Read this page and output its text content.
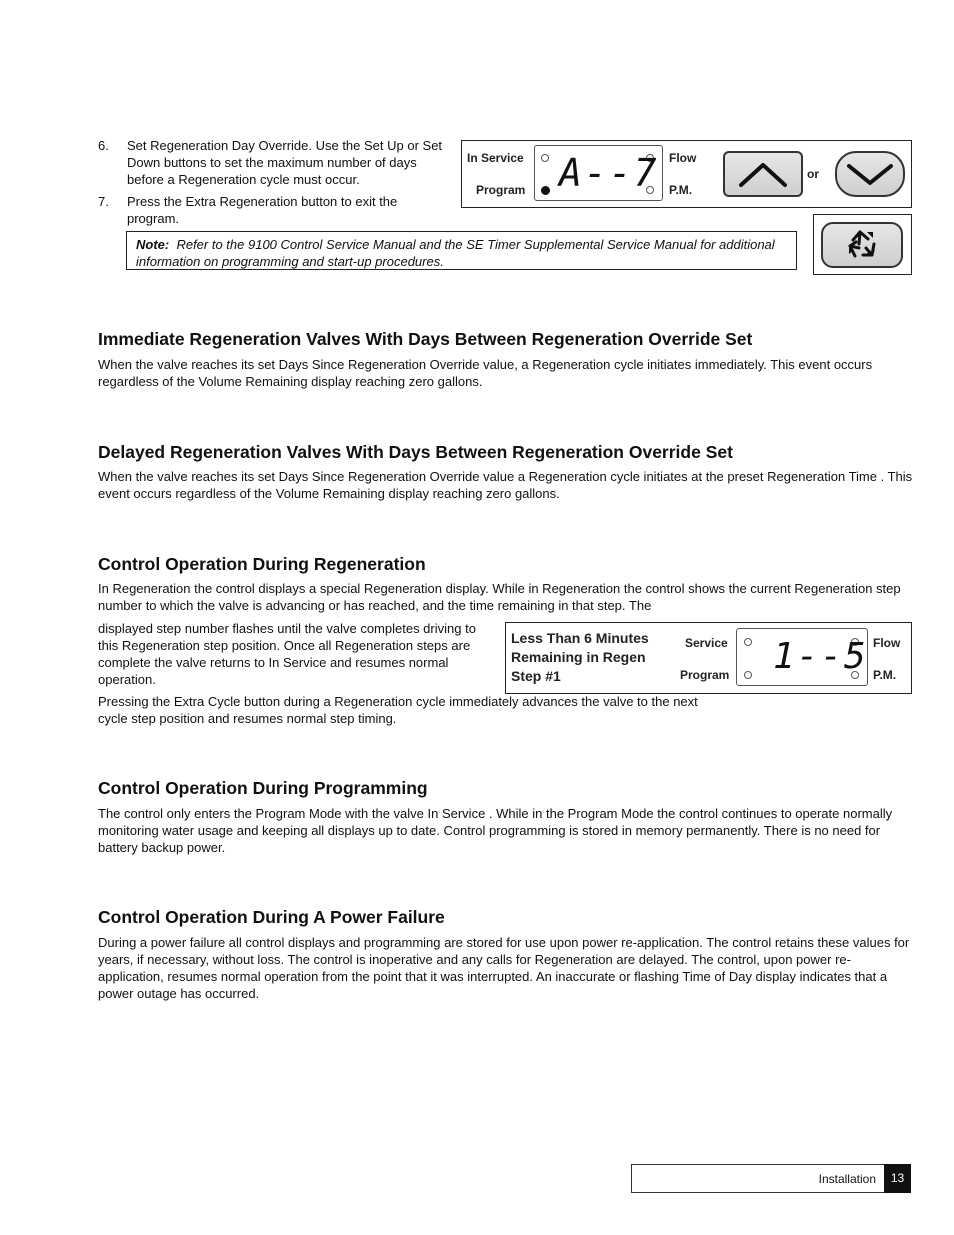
6. Set Regeneration Day Override. Use the Set Up or Set Down buttons to set the maximum number of days before a Regeneration cycle must occur.

7. Press the Extra Regeneration button to exit the program.

In Service
Program A--7 Flow
P.M.
or
Note: Refer to the 9100 Control Service Manual and the SE Timer Supplemental Service Manual for additional information on programming and start-up procedures.
Immediate Regeneration Valves With Days Between Regeneration Override Set

When the valve reaches its set Days Since Regeneration Override value, a Regeneration cycle initiates immediately. This event occurs regardless of the Volume Remaining display reaching zero gallons.

Delayed Regeneration Valves With Days Between Regeneration Override Set

When the valve reaches its set Days Since Regeneration Override value a Regeneration cycle initiates at the preset Regeneration Time . This event occurs regardless of the Volume Remaining display reaching zero gallons.

Control Operation During Regeneration

In Regeneration the control displays a special Regeneration display. While in Regeneration the control shows the current Regeneration step number to which the valve is advancing or has reached, and the time remaining in that step. The

displayed step number flashes until the valve completes driving to this Regeneration step position. Once all Regeneration steps are complete the valve returns to In Service and resumes normal operation.

Pressing the Extra Cycle button during a Regeneration cycle immediately advances the valve to the next cycle step position and resumes normal step timing.

Less Than 6 Minutes
Remaining in Regen
Step #1
Service
Program 1--5 Flow
P.M.
Control Operation During Programming

The control only enters the Program Mode with the valve In Service . While in the Program Mode the control continues to operate normally monitoring water usage and keeping all displays up to date. Control programming is stored in memory permanently. There is no need for battery backup power.

Control Operation During A Power Failure

During a power failure all control displays and programming are stored for use upon power re-application. The control retains these values for years, if necessary, without loss. The control is inoperative and any calls for Regeneration are delayed. The control, upon power re-application, resumes normal operation from the point that it was interrupted. An inaccurate or flashing Time of Day display indicates that a power outage has occurred.

Installation	13
